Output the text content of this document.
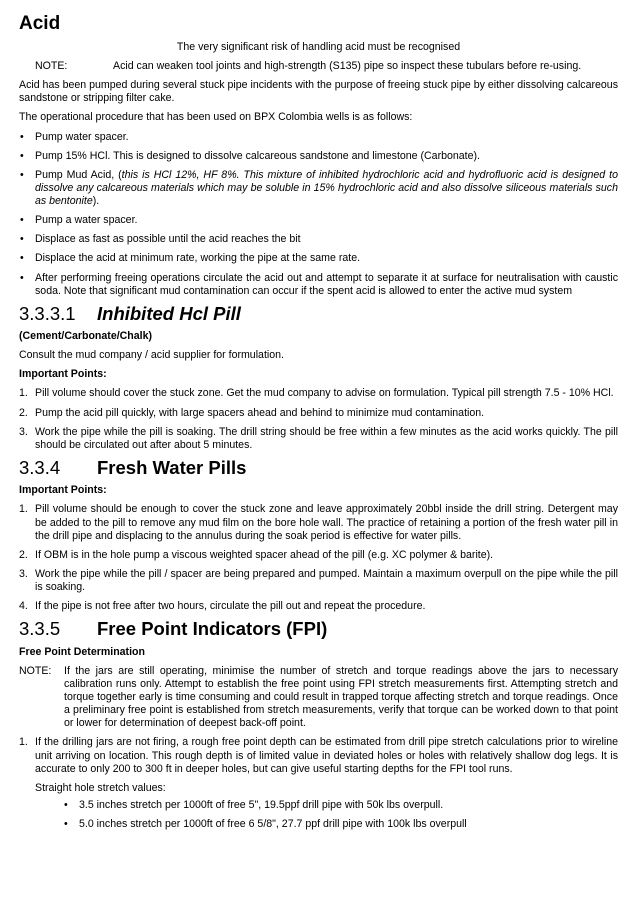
Acid
The very significant risk of handling acid must be recognised
NOTE:	Acid can weaken tool joints and high-strength (S135) pipe so inspect these tubulars before re-using.

Acid has been pumped during several stuck pipe incidents with the purpose of freeing stuck pipe by either dissolving calcareous sandstone or stripping filter cake.

The operational procedure that has been used on BPX Colombia wells is as follows:

• Pump water spacer.
• Pump 15% HCl. This is designed to dissolve calcareous sandstone and limestone (Carbonate).
• Pump Mud Acid, (this is HCl 12%, HF 8%. This mixture of inhibited hydrochloric acid and hydrofluoric acid is designed to dissolve any calcareous materials which may be soluble in 15% hydrochloric acid and also dissolve siliceous materials such as bentonite).
• Pump a water spacer.
• Displace as fast as possible until the acid reaches the bit
• Displace the acid at minimum rate, working the pipe at the same rate.
• After performing freeing operations circulate the acid out and attempt to separate it at surface for neutralisation with caustic soda. Note that significant mud contamination can occur if the spent acid is allowed to enter the active mud system
3.3.3.1	Inhibited Hcl Pill
(Cement/Carbonate/Chalk)

Consult the mud company / acid supplier for formulation.

Important Points:
1. Pill volume should cover the stuck zone. Get the mud company to advise on formulation. Typical pill strength 7.5 - 10% HCl.
2. Pump the acid pill quickly, with large spacers ahead and behind to minimize mud contamination.
3. Work the pipe while the pill is soaking. The drill string should be free within a few minutes as the acid works quickly. The pill should be circulated out after about 5 minutes.
3.3.4	Fresh Water Pills
Important Points:
1. Pill volume should be enough to cover the stuck zone and leave approximately 20bbl inside the drill string. Detergent may be added to the pill to remove any mud film on the bore hole wall. The practice of retaining a portion of the fresh water pill in the drill pipe and displacing to the annulus during the soak period is effective for water pills.
2. If OBM is in the hole pump a viscous weighted spacer ahead of the pill (e.g. XC polymer & barite).
3. Work the pipe while the pill / spacer are being prepared and pumped. Maintain a maximum overpull on the pipe while the pill is soaking.
4. If the pipe is not free after two hours, circulate the pill out and repeat the procedure.
3.3.5	Free Point Indicators (FPI)
Free Point Determination
NOTE: If the jars are still operating, minimise the number of stretch and torque readings above the jars to necessary calibration runs only. Attempt to establish the free point using FPI stretch measurements first. Attempting stretch and torque together early is time consuming and could result in trapped torque affecting stretch and torque readings. Once a preliminary free point is established from stretch measurements, verify that torque can be worked down to that point or lower for determination of deepest back-off point.
1. If the drilling jars are not firing, a rough free point depth can be estimated from drill pipe stretch calculations prior to wireline unit arriving on location. This rough depth is of limited value in deviated holes or holes with relatively shallow dog legs. It is accurate to only 200 to 300 ft in deeper holes, but can give useful starting depths for the FPI tool runs.
Straight hole stretch values:
• 3.5 inches stretch per 1000ft of free 5", 19.5ppf drill pipe with 50k lbs overpull.
• 5.0 inches stretch per 1000ft of free 6 5/8", 27.7 ppf drill pipe with 100k lbs overpull
